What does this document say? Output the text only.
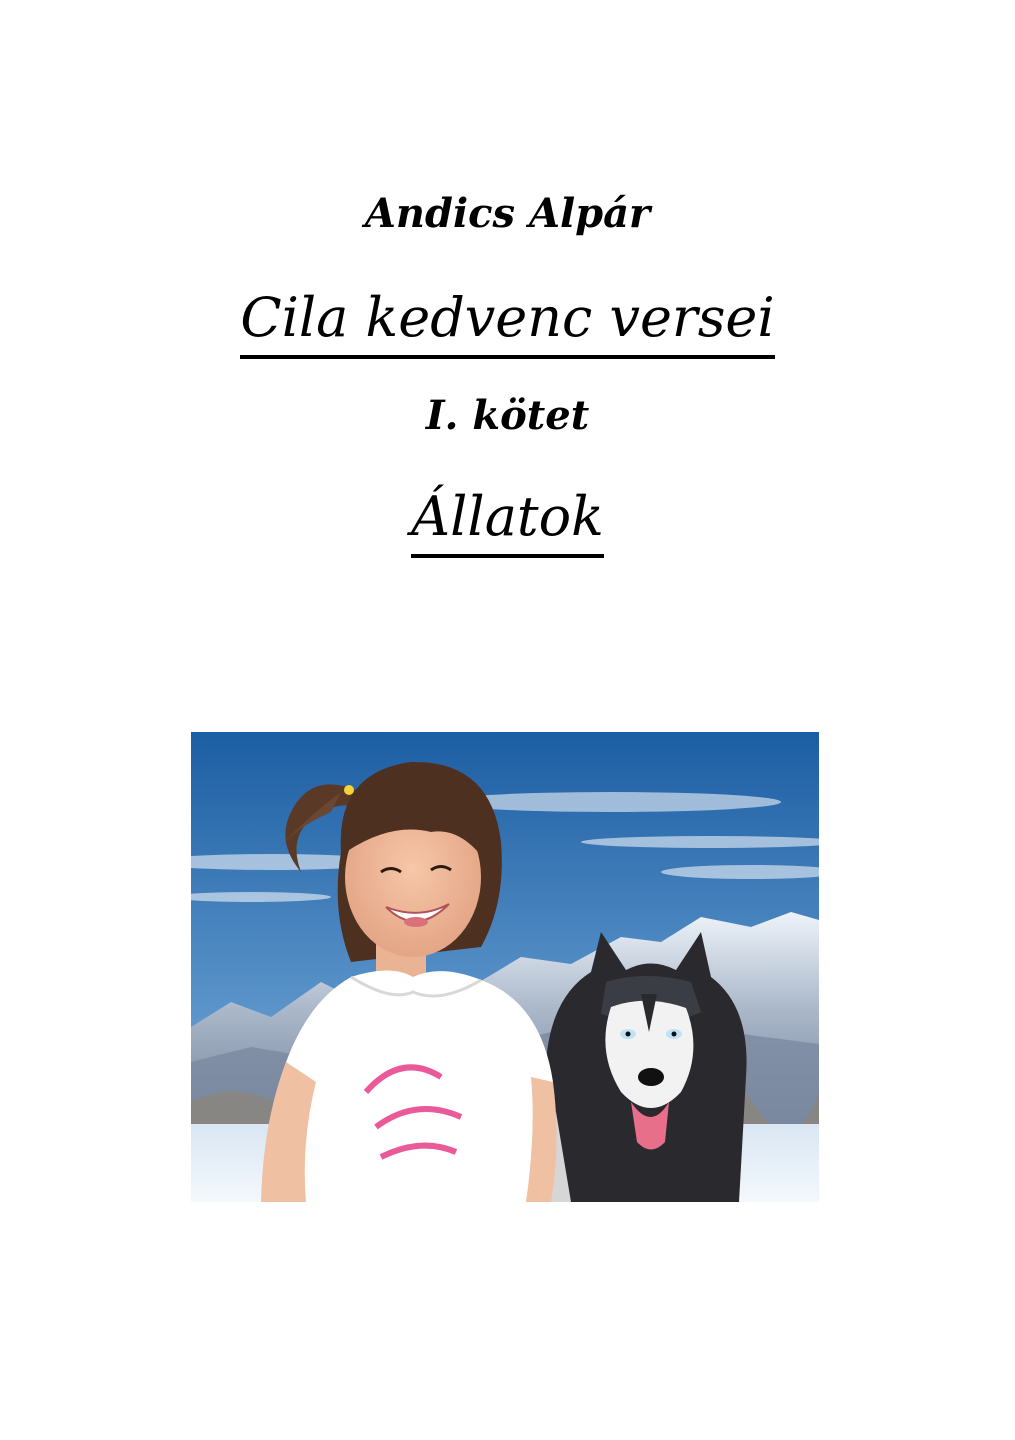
Andics Alpár
Cila kedvenc versei
I. kötet
Állatok
